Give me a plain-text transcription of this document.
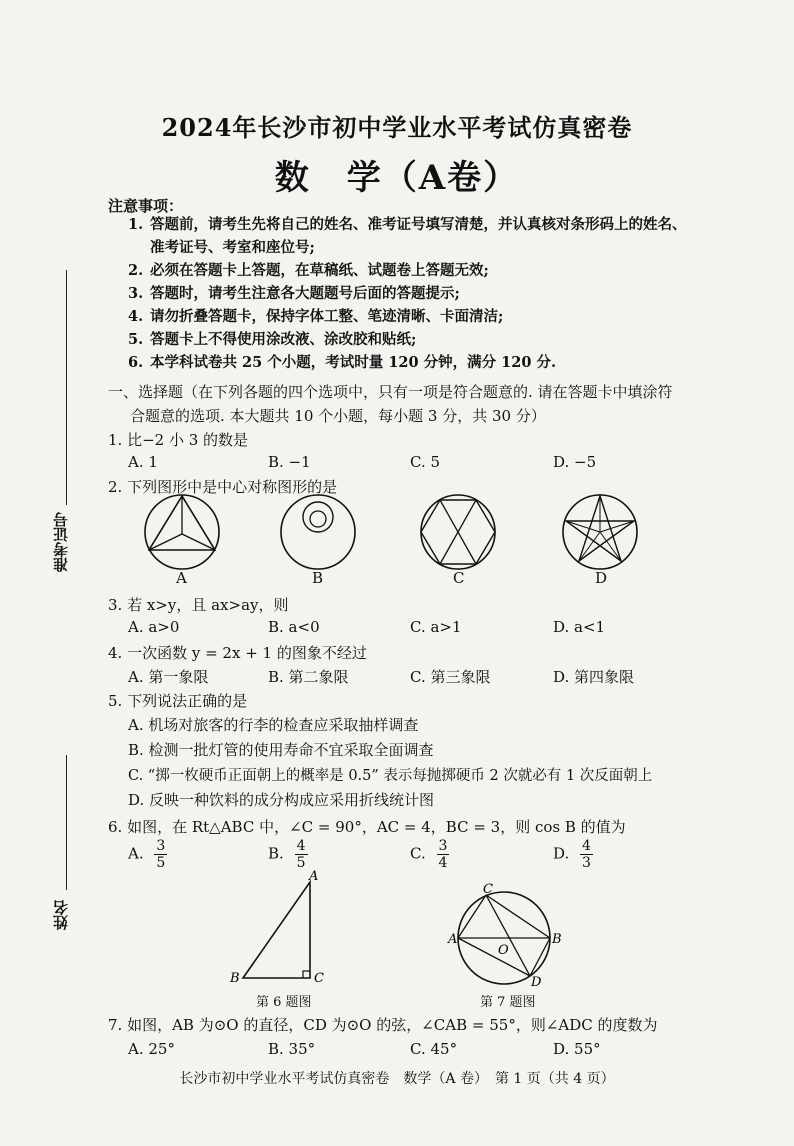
2024年长沙市初中学业水平考试仿真密卷
数　学（A卷）
注意事项：
1. 答题前，请考生先将自己的姓名、准考证号填写清楚，并认真核对条形码上的姓名、
准考证号、考室和座位号;
2. 必须在答题卡上答题，在草稿纸、试题卷上答题无效;
3. 答题时，请考生注意各大题题号后面的答题提示;
4. 请勿折叠答题卡，保持字体工整、笔迹清晰、卡面清洁;
5. 答题卡上不得使用涂改液、涂改胶和贴纸;
6. 本学科试卷共 25 个小题，考试时量 120 分钟，满分 120 分.
一、选择题（在下列各题的四个选项中，只有一项是符合题意的. 请在答题卡中填涂符
合题意的选项. 本大题共 10 个小题，每小题 3 分，共 30 分）
准考证号
姓名
1. 比−2 小 3 的数是
A. 1	B. −1	C. 5	D. −5
2. 下列图形中是中心对称图形的是
A	B	C	D
3. 若 x>y，且 ax>ay，则
A. a>0	B. a<0	C. a>1	D. a<1
4. 一次函数 y = 2x + 1 的图象不经过
A. 第一象限	B. 第二象限	C. 第三象限	D. 第四象限
5. 下列说法正确的是
A. 机场对旅客的行李的检查应采取抽样调查
B. 检测一批灯管的使用寿命不宜采取全面调查
C. “掷一枚硬币正面朝上的概率是 0.5” 表示每抛掷硬币 2 次就必有 1 次反面朝上
D. 反映一种饮料的成分构成应采用折线统计图
6. 如图，在 Rt△ABC 中，∠C = 90°，AC = 4，BC = 3，则 cos B 的值为
A. $\frac{3}{5}$	B. $\frac{4}{5}$	C. $\frac{3}{4}$	D. $\frac{4}{3}$
A
B	C
第 6 题图
C
A	B
D
O
第 7 题图
7. 如图，AB 为⊙O 的直径，CD 为⊙O 的弦，∠CAB = 55°，则∠ADC 的度数为
A. 25°	B. 35°	C. 45°	D. 55°
长沙市初中学业水平考试仿真密卷　数学（A 卷）　第 1 页（共 4 页）
